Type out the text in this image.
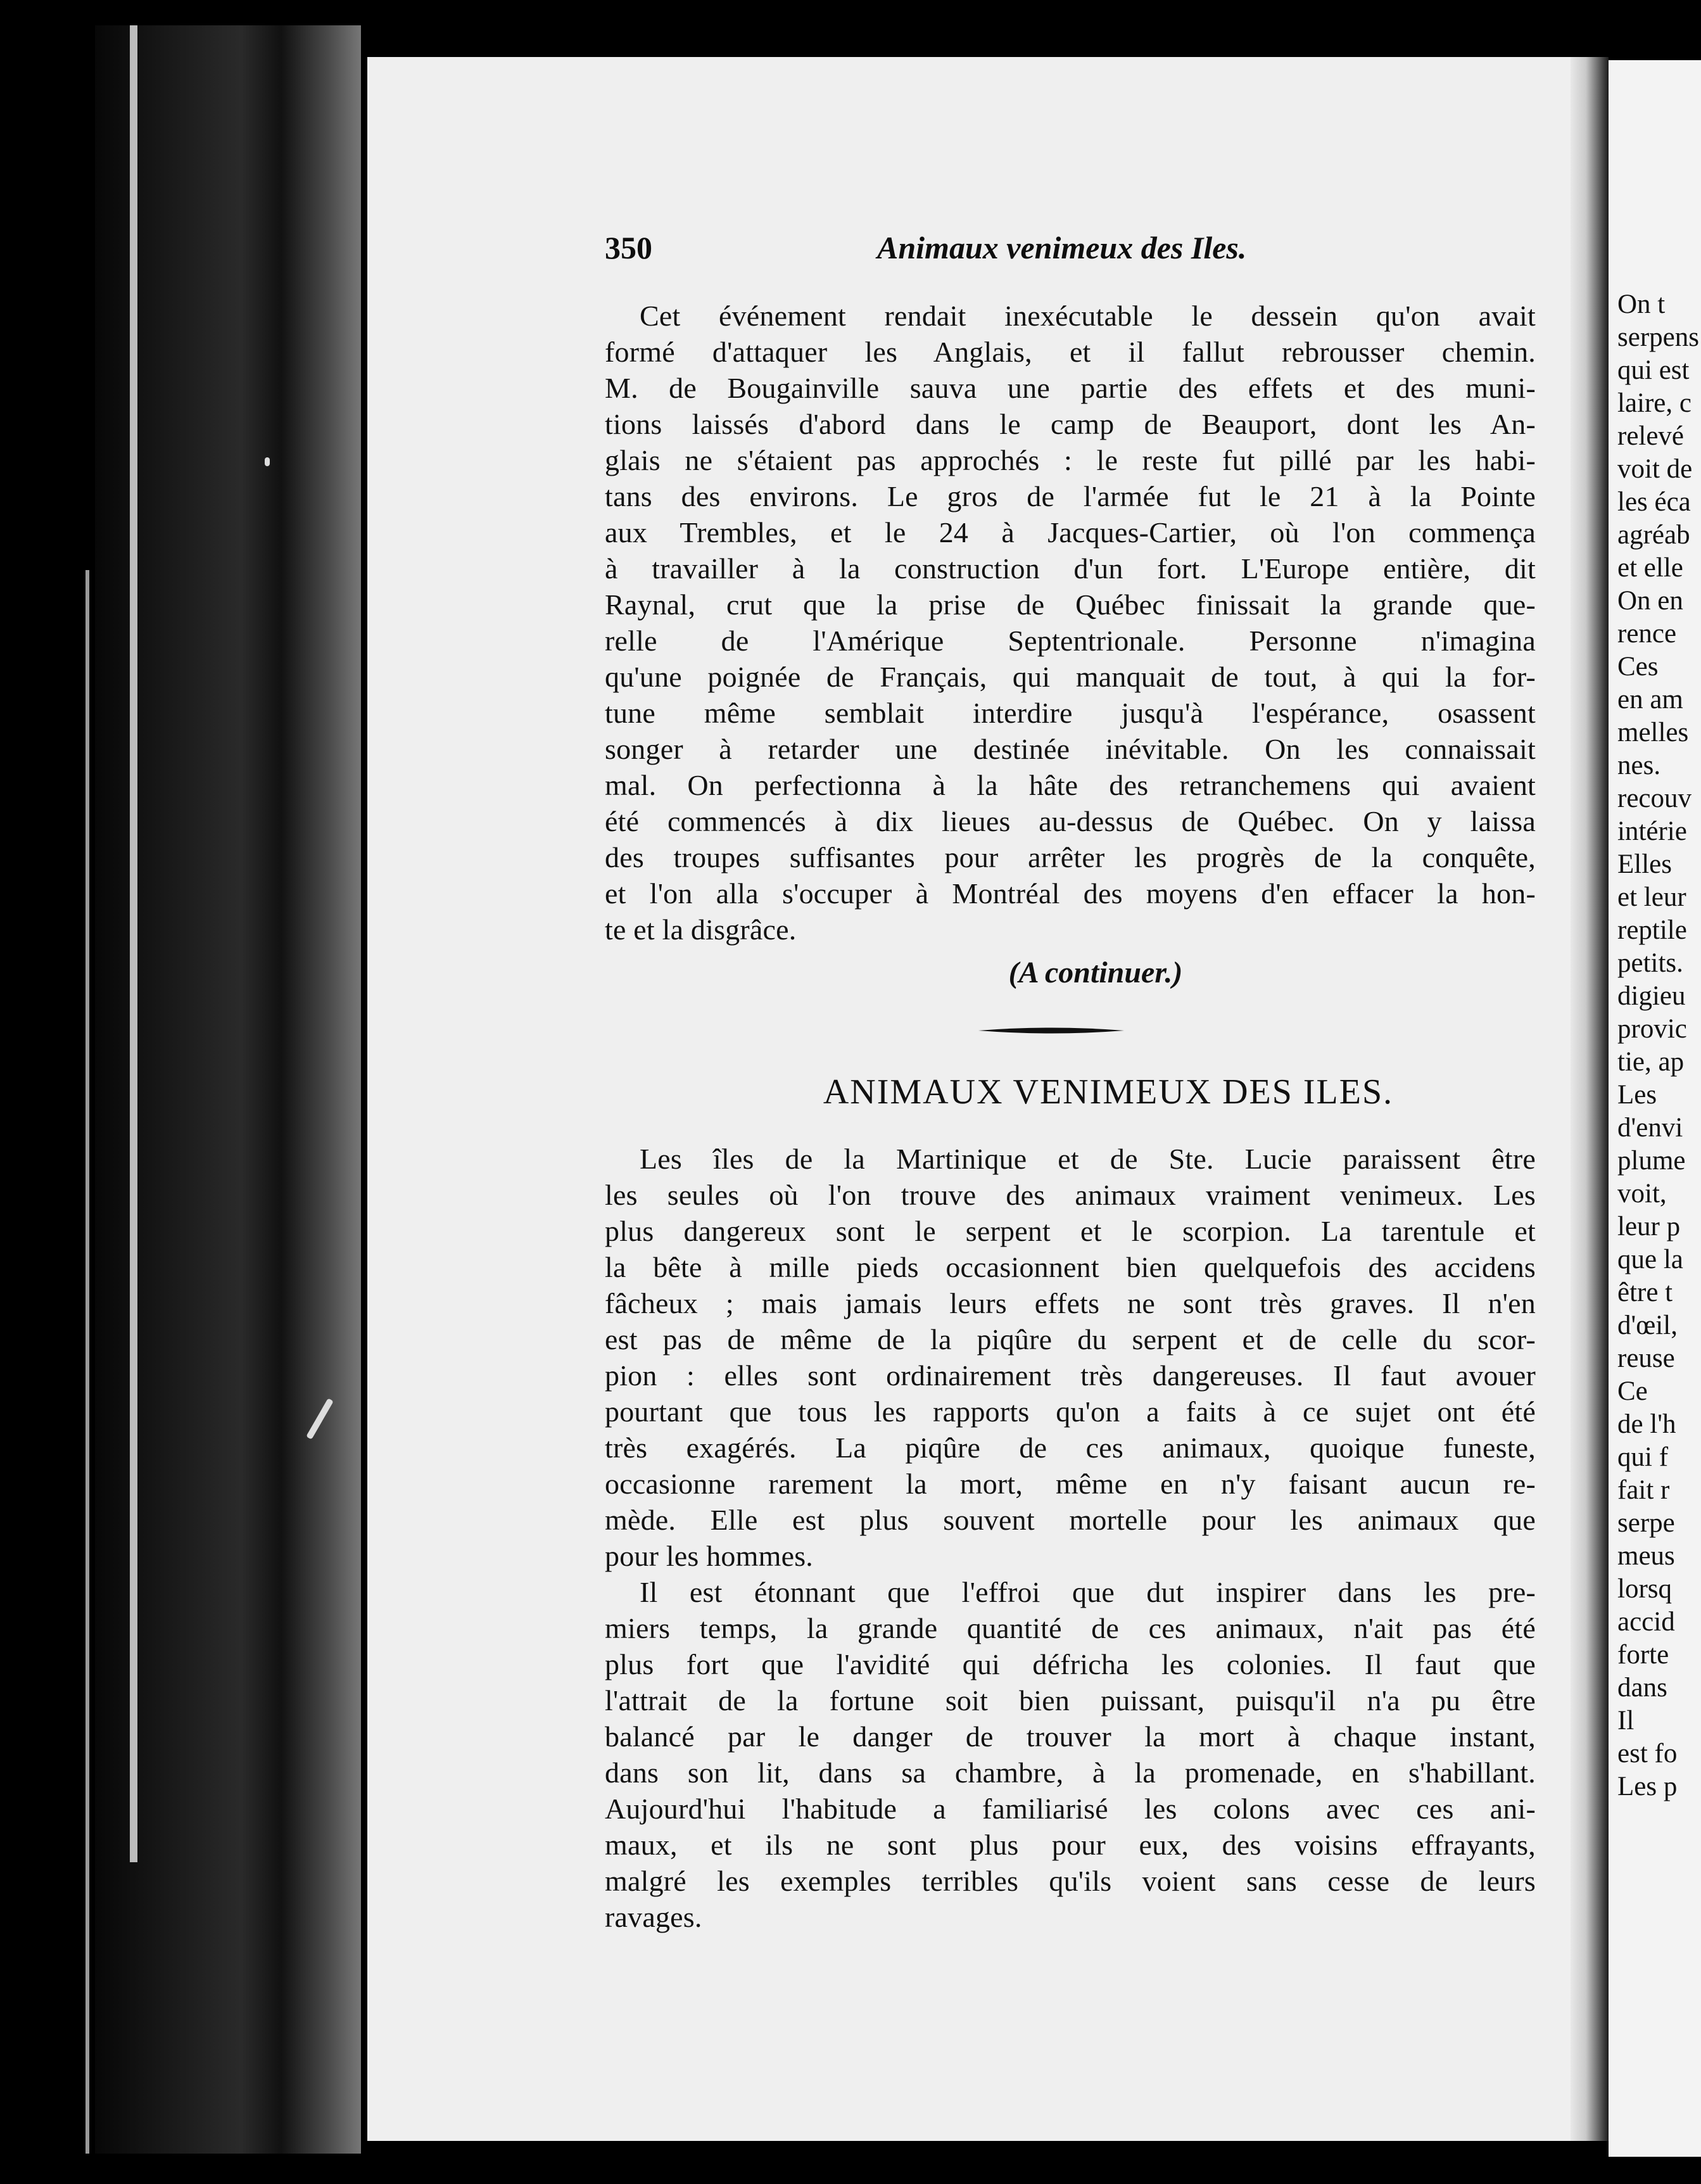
On t
serpens
qui est
laire, c
relevé
voit de
les éca
agréab
et elle
On en
rence
Ces
en am
melles
nes.
recouv
intérie
Elles
et leur
reptile
petits.
digieu
provic
tie, ap
Les
d'envi
plume
voit,
leur p
que la
être t
d'œil,
reuse
Ce
de l'h
qui f
fait r
serpe
meus
lorsq
accid
forte
dans
Il
est fo
Les p
350	Animaux venimeux des Iles.

Cet événement rendait inexécutable le dessein qu'on avait

formé d'attaquer les Anglais, et il fallut rebrousser chemin.

M. de Bougainville sauva une partie des effets et des muni-

tions laissés d'abord dans le camp de Beauport, dont les An-

glais ne s'étaient pas approchés : le reste fut pillé par les habi-

tans des environs. Le gros de l'armée fut le 21 à la Pointe

aux Trembles, et le 24 à Jacques-Cartier, où l'on commença

à travailler à la construction d'un fort. L'Europe entière, dit

Raynal, crut que la prise de Québec finissait la grande que-

relle de l'Amérique Septentrionale. Personne n'imagina

qu'une poignée de Français, qui manquait de tout, à qui la for-

tune même semblait interdire jusqu'à l'espérance, osassent

songer à retarder une destinée inévitable. On les connaissait

mal. On perfectionna à la hâte des retranchemens qui avaient

été commencés à dix lieues au-dessus de Québec. On y laissa

des troupes suffisantes pour arrêter les progrès de la conquête,

et l'on alla s'occuper à Montréal des moyens d'en effacer la hon-

te et la disgrâce.

(A continuer.)
ANIMAUX VENIMEUX DES ILES.

Les îles de la Martinique et de Ste. Lucie paraissent être

les seules où l'on trouve des animaux vraiment venimeux. Les

plus dangereux sont le serpent et le scorpion. La tarentule et

la bête à mille pieds occasionnent bien quelquefois des accidens

fâcheux ; mais jamais leurs effets ne sont très graves. Il n'en

est pas de même de la piqûre du serpent et de celle du scor-

pion : elles sont ordinairement très dangereuses. Il faut avouer

pourtant que tous les rapports qu'on a faits à ce sujet ont été

très exagérés. La piqûre de ces animaux, quoique funeste,

occasionne rarement la mort, même en n'y faisant aucun re-

mède. Elle est plus souvent mortelle pour les animaux que

pour les hommes.

Il est étonnant que l'effroi que dut inspirer dans les pre-

miers temps, la grande quantité de ces animaux, n'ait pas été

plus fort que l'avidité qui défricha les colonies. Il faut que

l'attrait de la fortune soit bien puissant, puisqu'il n'a pu être

balancé par le danger de trouver la mort à chaque instant,

dans son lit, dans sa chambre, à la promenade, en s'habillant.

Aujourd'hui l'habitude a familiarisé les colons avec ces ani-

maux, et ils ne sont plus pour eux, des voisins effrayants,

malgré les exemples terribles qu'ils voient sans cesse de leurs

ravages.
